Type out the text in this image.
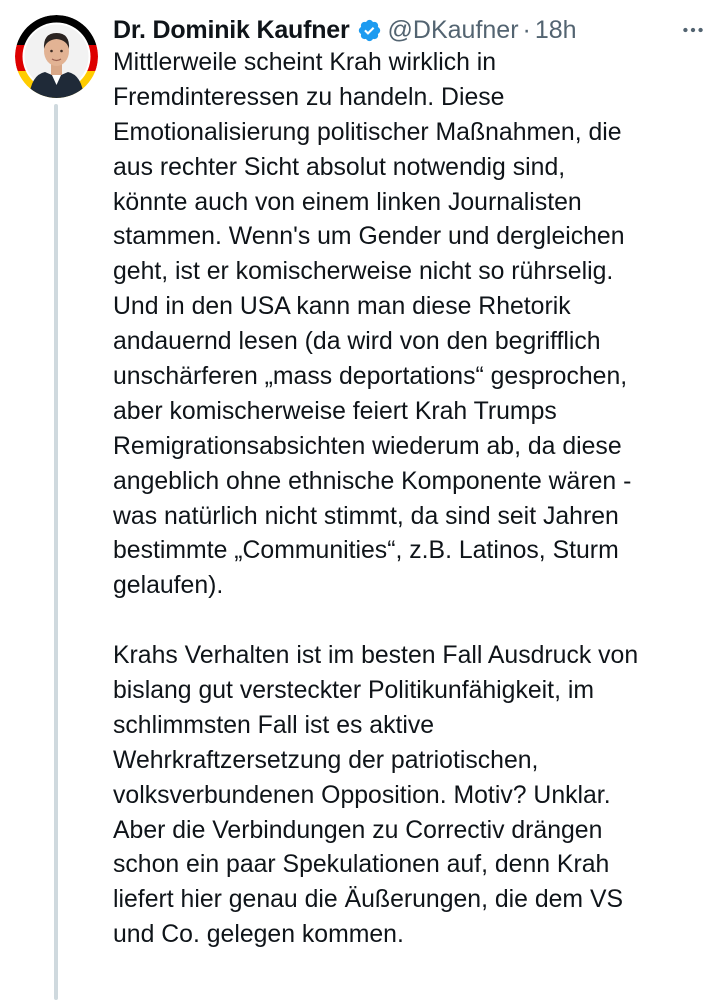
Dr. Dominik Kaufner @DKaufner · 18h
Mittlerweile scheint Krah wirklich in
Fremdinteressen zu handeln. Diese
Emotionalisierung politischer Maßnahmen, die
aus rechter Sicht absolut notwendig sind,
könnte auch von einem linken Journalisten
stammen. Wenn's um Gender und dergleichen
geht, ist er komischerweise nicht so rührselig.
Und in den USA kann man diese Rhetorik
andauernd lesen (da wird von den begrifflich
unschärferen „mass deportations“ gesprochen,
aber komischerweise feiert Krah Trumps
Remigrationsabsichten wiederum ab, da diese
angeblich ohne ethnische Komponente wären -
was natürlich nicht stimmt, da sind seit Jahren
bestimmte „Communities“, z.B. Latinos, Sturm
gelaufen).
Krahs Verhalten ist im besten Fall Ausdruck von
bislang gut versteckter Politikunfähigkeit, im
schlimmsten Fall ist es aktive
Wehrkraftzersetzung der patriotischen,
volksverbundenen Opposition. Motiv? Unklar.
Aber die Verbindungen zu Correctiv drängen
schon ein paar Spekulationen auf, denn Krah
liefert hier genau die Äußerungen, die dem VS
und Co. gelegen kommen.
